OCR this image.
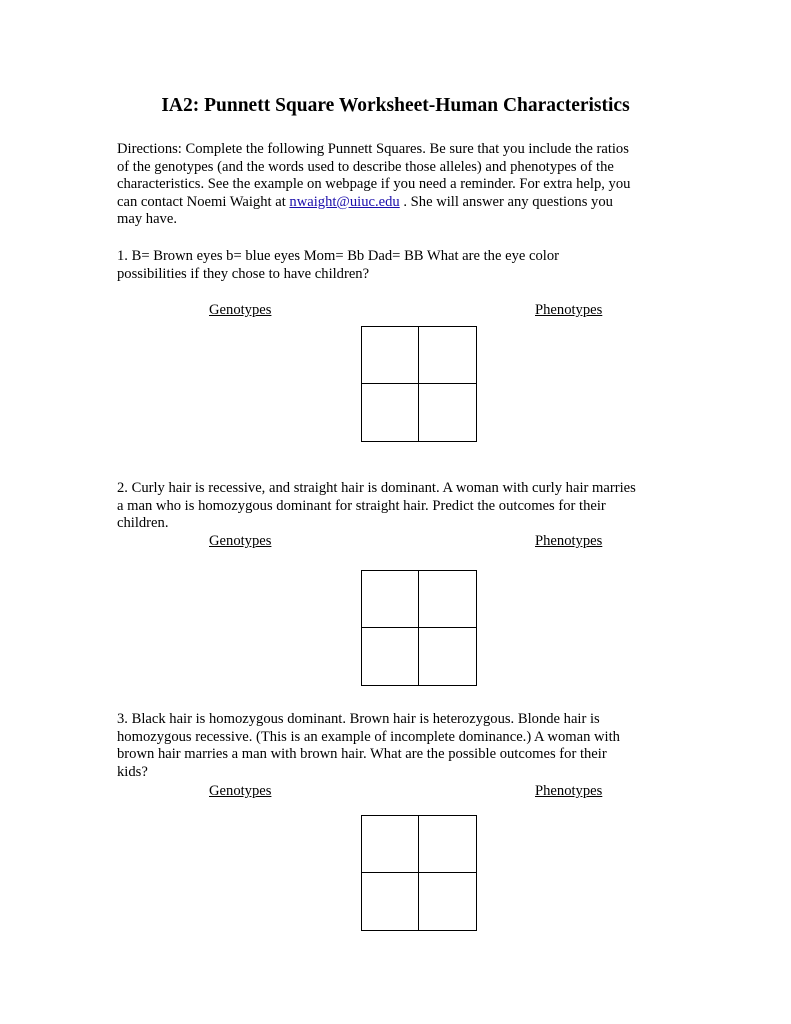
IA2: Punnett Square Worksheet-Human Characteristics

Directions: Complete the following Punnett Squares. Be sure that you include the ratios
of the genotypes (and the words used to describe those alleles) and phenotypes of the
characteristics. See the example on webpage if you need a reminder. For extra help, you
can contact Noemi Waight at nwaight@uiuc.edu . She will answer any questions you
may have.

1. B= Brown eyes b= blue eyes Mom= Bb Dad= BB What are the eye color
possibilities if they chose to have children?

Genotypes	Phenotypes

2. Curly hair is recessive, and straight hair is dominant. A woman with curly hair marries
a man who is homozygous dominant for straight hair. Predict the outcomes for their
children.

Genotypes	Phenotypes

3. Black hair is homozygous dominant. Brown hair is heterozygous. Blonde hair is
homozygous recessive. (This is an example of incomplete dominance.) A woman with
brown hair marries a man with brown hair. What are the possible outcomes for their
kids?

Genotypes	Phenotypes
